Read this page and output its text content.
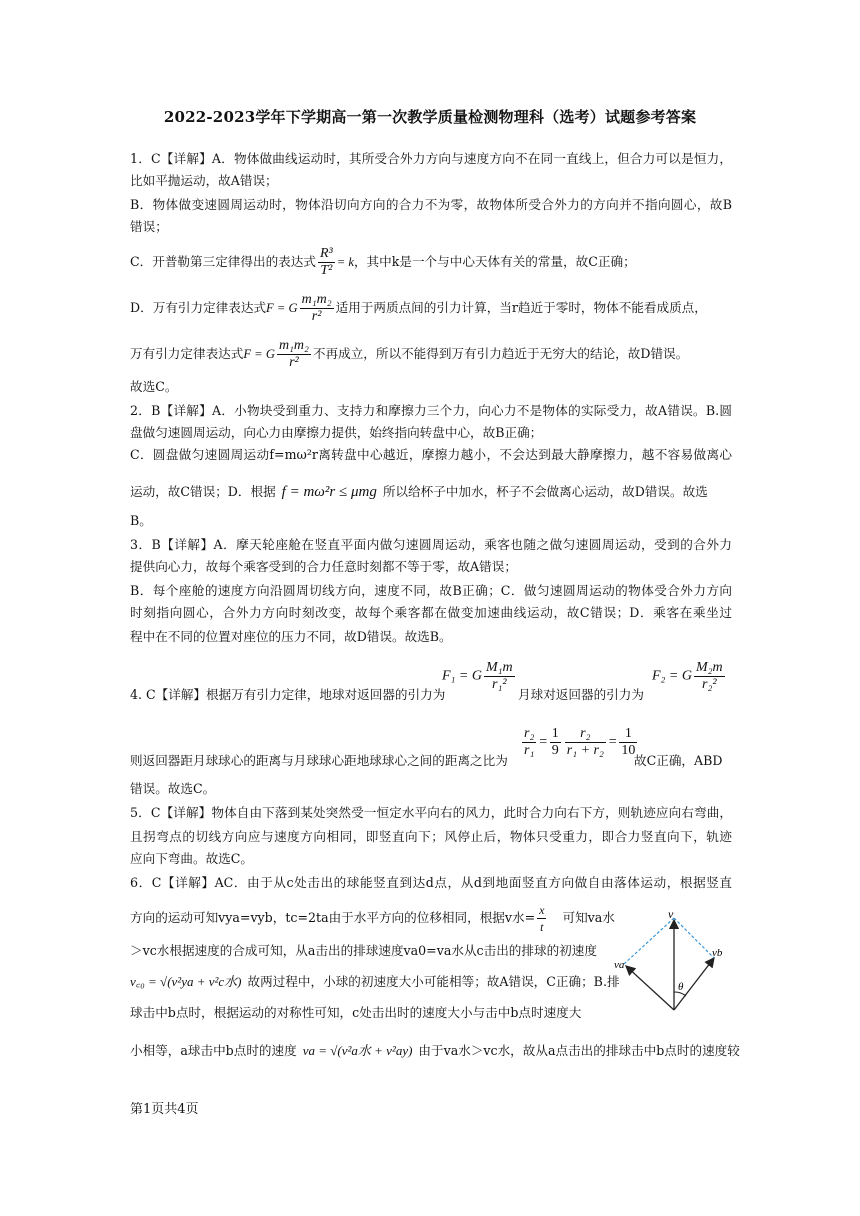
2022-2023学年下学期高一第一次教学质量检测物理科（选考）试题参考答案
1．C【详解】A．物体做曲线运动时，其所受合外力方向与速度方向不在同一直线上，但合力可以是恒力，
比如平抛运动，故A错误；
B．物体做变速圆周运动时，物体沿切向方向的合力不为零，故物体所受合外力的方向并不指向圆心，故B
错误；
C．开普勒第三定律得出的表达式 $\frac{\text{R³}}{\text{T²}} = k$，其中k是一个与中心天体有关的常量，故C正确；
D．万有引力定律表达式F = G $\frac{\text{m₁m₂}}{\text{r²}}$ 适用于两质点间的引力计算，当r趋近于零时，物体不能看成质点，
万有引力定律表达式F = G $\frac{\text{m₁m₂}}{\text{r²}}$ 不再成立，所以不能得到万有引力趋近于无穷大的结论，故D错误。
故选C。
2．B【详解】A．小物块受到重力、支持力和摩擦力三个力，向心力不是物体的实际受力，故A错误。B.圆
盘做匀速圆周运动，向心力由摩擦力提供，始终指向转盘中心，故B正确；
C．圆盘做匀速圆周运动f=mω²r离转盘中心越近，摩擦力越小，不会达到最大静摩擦力，越不容易做离心
运动，故C错误；D．根据 f = mω²r ≤ μmg 所以给杯子中加水，杯子不会做离心运动，故D错误。故选
B。
3．B【详解】A．摩天轮座舱在竖直平面内做匀速圆周运动，乘客也随之做匀速圆周运动，受到的合外力
提供向心力，故每个乘客受到的合力任意时刻都不等于零，故A错误；
B．每个座舱的速度方向沿圆周切线方向，速度不同，故B正确；C．做匀速圆周运动的物体受合外力方向
时刻指向圆心，合外力方向时刻改变，故每个乘客都在做变加速曲线运动，故C错误；D．乘客在乘坐过
程中在不同的位置对座位的压力不同，故D错误。故选B。
F₁ = G $\frac{\text{M₁m}}{\text{r₁²}}$	F₂ = G $\frac{\text{M₂m}}{\text{r₂²}}$
4. C【详解】根据万有引力定律，地球对返回器的引力为	月球对返回器的引力为
$\frac{\text{r₂}}{\text{r₁}} = \frac{1}{9} \frac{\text{r₂}}{\text{r₁ + r₂}} = \frac{1}{10}$
则返回器距月球球心的距离与月球球心距地球球心之间的距离之比为	故C正确，ABD
错误。故选C。
5．C【详解】物体自由下落到某处突然受一恒定水平向右的风力，此时合力向右下方，则轨迹应向右弯曲，
且拐弯点的切线方向应与速度方向相同，即竖直向下；风停止后，物体只受重力，即合力竖直向下，轨迹
应向下弯曲。故选C。
6．C【详解】AC．由于从c处击出的球能竖直到达d点，从d到地面竖直方向做自由落体运动，根据竖直
方向的运动可知vya=vyb，tc=2ta由于水平方向的位移相同，根据v水= $\frac{x}{t}$ 可知va水
＞vc水根据速度的合成可知，从a击出的排球速度va0=va水从c击出的排球的初速度
v꜀₀ = √(v²ya + v²c水) 故两过程中，小球的初速度大小可能相等；故A错误，C正确；B.排
球击中b点时，根据运动的对称性可知，c处击出时的速度大小与击中b点时速度大
小相等，a球击中b点时的速度 va = √(v²a水 + v²ay) 由于va水＞vc水，故从a点击出的排球击中b点时的速度较
v
va
vb
θ
第1页共4页
